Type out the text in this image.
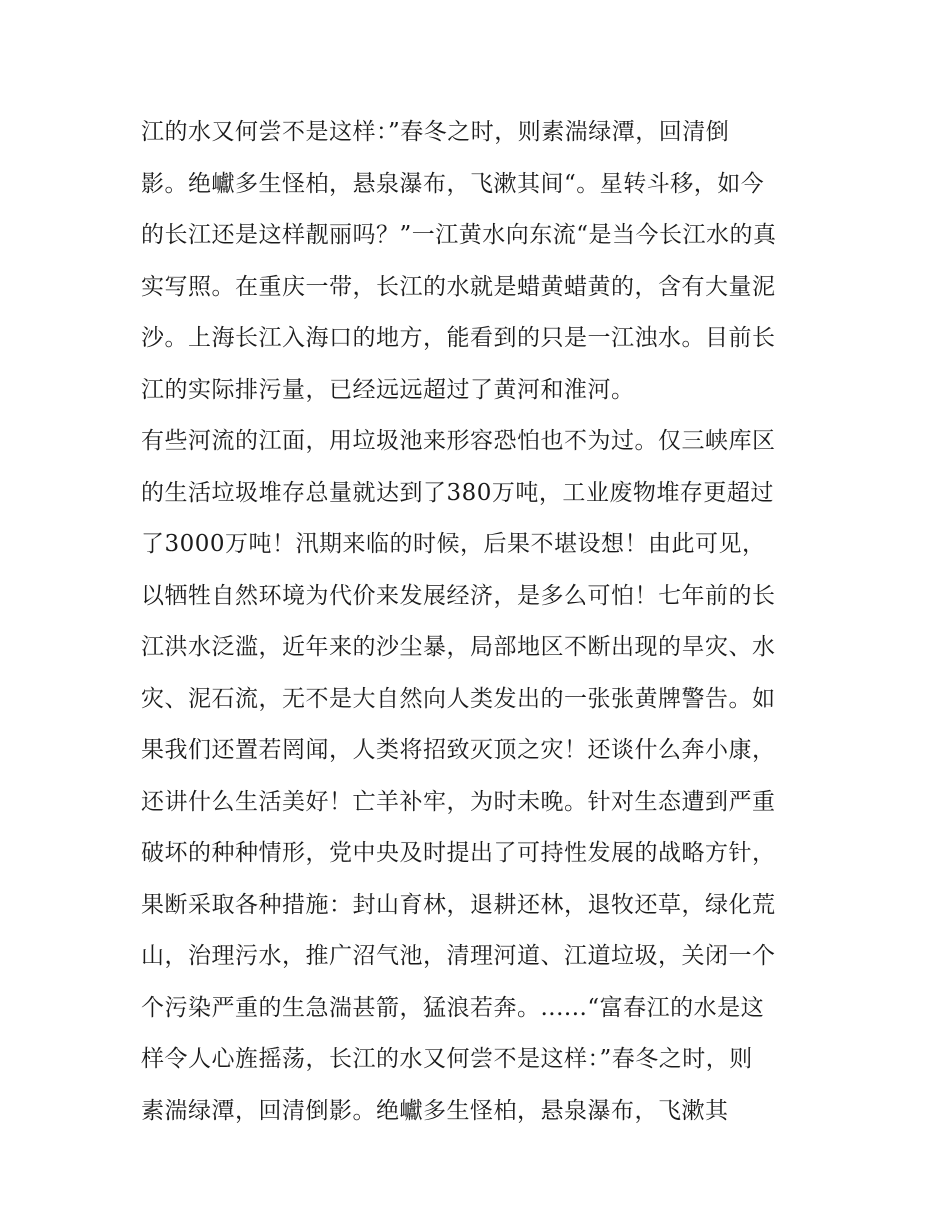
江的水又何尝不是这样：”春冬之时，则素湍绿潭，回清倒
影。绝巘多生怪柏，悬泉瀑布，飞漱其间“。星转斗移，如今
的长江还是这样靓丽吗？”一江黄水向东流“是当今长江水的真
实写照。在重庆一带，长江的水就是蜡黄蜡黄的，含有大量泥
沙。上海长江入海口的地方，能看到的只是一江浊水。目前长
江的实际排污量，已经远远超过了黄河和淮河。
有些河流的江面，用垃圾池来形容恐怕也不为过。仅三峡库区
的生活垃圾堆存总量就达到了380万吨，工业废物堆存更超过
了3000万吨！汛期来临的时候，后果不堪设想！由此可见，
以牺牲自然环境为代价来发展经济，是多么可怕！七年前的长
江洪水泛滥，近年来的沙尘暴，局部地区不断出现的旱灾、水
灾、泥石流，无不是大自然向人类发出的一张张黄牌警告。如
果我们还置若罔闻，人类将招致灭顶之灾！还谈什么奔小康，
还讲什么生活美好！亡羊补牢，为时未晚。针对生态遭到严重
破坏的种种情形，党中央及时提出了可持性发展的战略方针，
果断采取各种措施：封山育林，退耕还林，退牧还草，绿化荒
山，治理污水，推广沼气池，清理河道、江道垃圾，关闭一个
个污染严重的生急湍甚箭，猛浪若奔。......“富春江的水是这
样令人心旌摇荡，长江的水又何尝不是这样：”春冬之时，则
素湍绿潭，回清倒影。绝巘多生怪柏，悬泉瀑布，飞漱其
